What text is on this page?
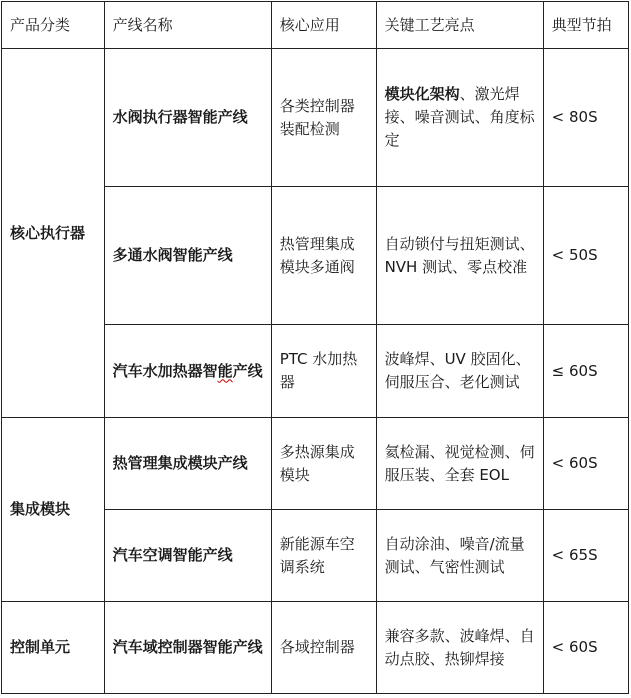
产品分类	产线名称	核心应用	关键工艺亮点	典型节拍
核心执行器	水阀执行器智能产线	各类控制器装配检测	模块化架构、激光焊接、噪音测试、角度标定	< 80S
	多通水阀智能产线	热管理集成模块多通阀	自动锁付与扭矩测试、NVH 测试、零点校准	< 50S
	汽车水加热器智能产线	PTC 水加热器	波峰焊、UV 胶固化、伺服压合、老化测试	≤ 60S
集成模块	热管理集成模块产线	多热源集成模块	氦检漏、视觉检测、伺服压装、全套 EOL	< 60S
	汽车空调智能产线	新能源车空调系统	自动涂油、噪音/流量测试、气密性测试	< 65S
控制单元	汽车域控制器智能产线	各域控制器	兼容多款、波峰焊、自动点胶、热铆焊接	< 60S
